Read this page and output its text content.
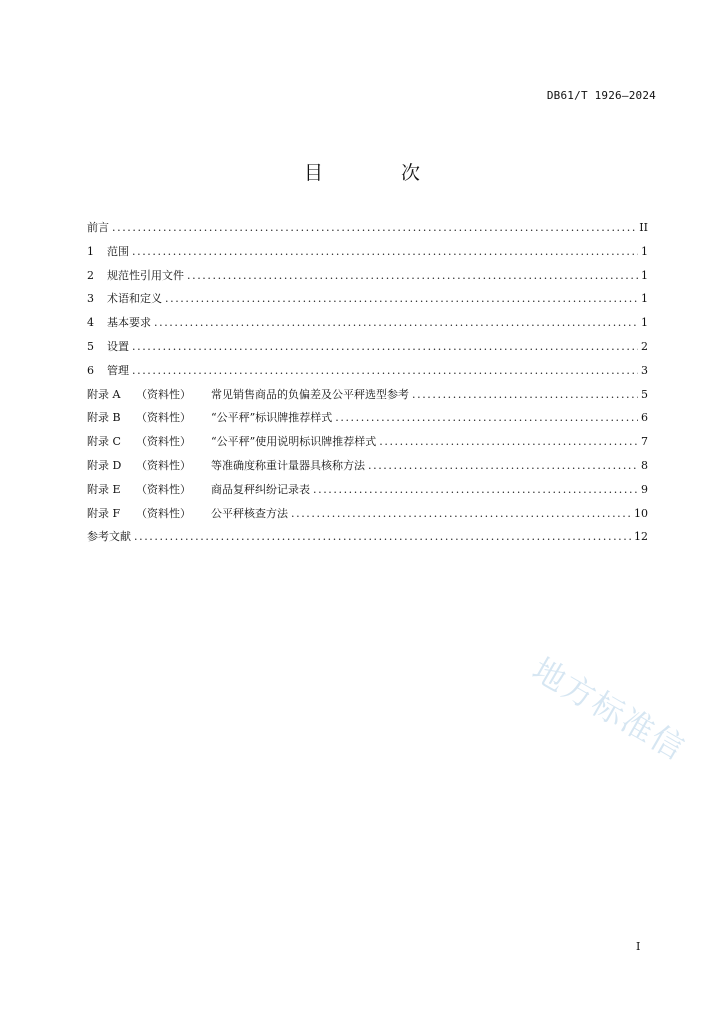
DB61/T 1926—2024
目 次
前言 .....	II
1	范围 .....	1
2	规范性引用文件 .....	1
3	术语和定义 .....	1
4	基本要求 .....	1
5	设置 .....	2
6	管理 .....	3
附录 A	（资料性）	常见销售商品的负偏差及公平秤选型参考 .....	5
附录 B	（资料性）	“公平秤”标识牌推荐样式 .....	6
附录 C	（资料性）	“公平秤”使用说明标识牌推荐样式 .....	7
附录 D	（资料性）	等准确度称重计量器具核称方法 .....	8
附录 E	（资料性）	商品复秤纠纷记录表 .....	9
附录 F	（资料性）	公平秤核查方法 .....	10
参考文献 .....	12
地方标准信
I
